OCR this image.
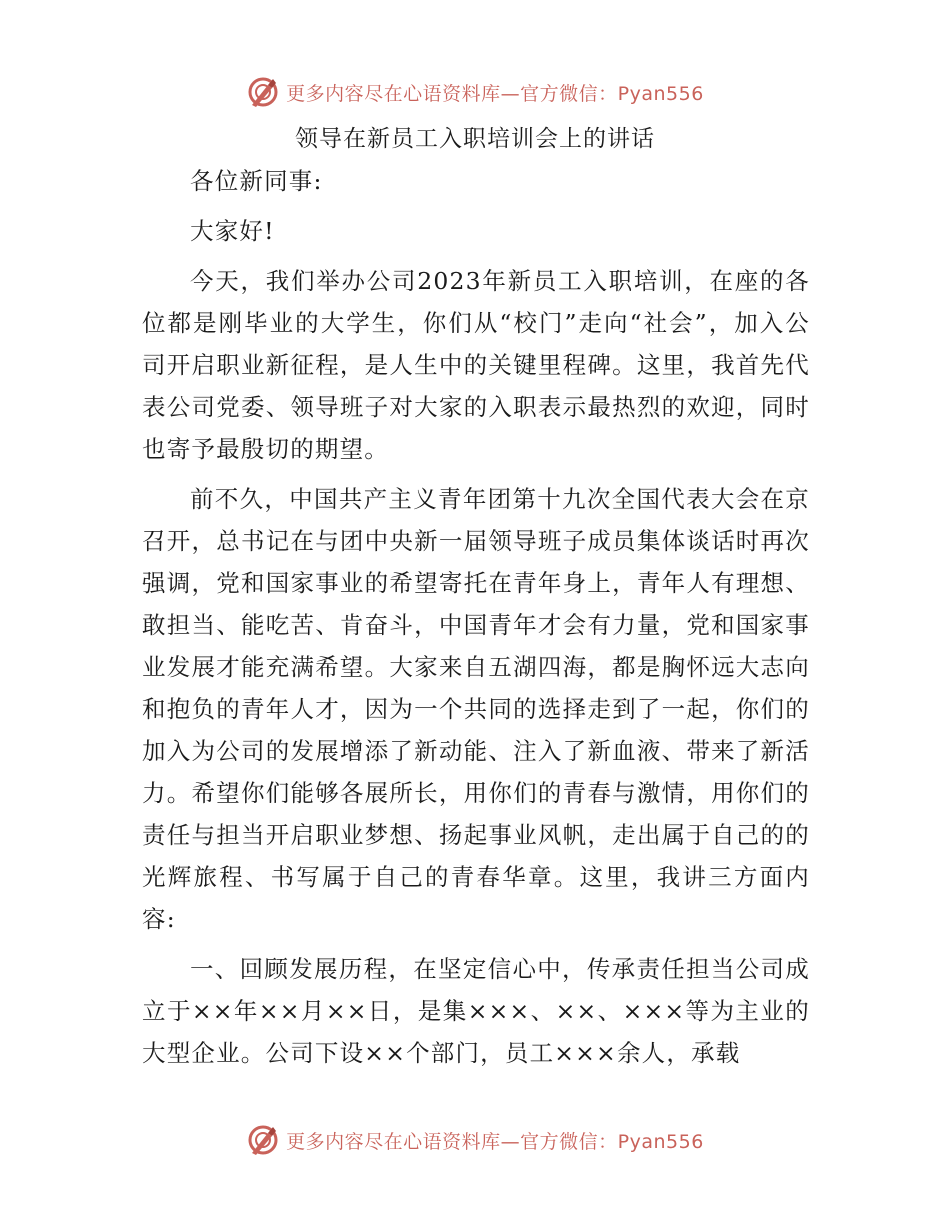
更多内容尽在心语资料库—官方微信：Pyan556
领导在新员工入职培训会上的讲话

各位新同事:

大家好!

今天，我们举办公司2023年新员工入职培训，在座的各位都是刚毕业的大学生，你们从“校门”走向“社会”，加入公司开启职业新征程，是人生中的关键里程碑。这里，我首先代表公司党委、领导班子对大家的入职表示最热烈的欢迎，同时也寄予最殷切的期望。

前不久，中国共产主义青年团第十九次全国代表大会在京召开，总书记在与团中央新一届领导班子成员集体谈话时再次强调，党和国家事业的希望寄托在青年身上，青年人有理想、敢担当、能吃苦、肯奋斗，中国青年才会有力量，党和国家事业发展才能充满希望。大家来自五湖四海，都是胸怀远大志向和抱负的青年人才，因为一个共同的选择走到了一起，你们的加入为公司的发展增添了新动能、注入了新血液、带来了新活力。希望你们能够各展所长，用你们的青春与激情，用你们的责任与担当开启职业梦想、扬起事业风帆，走出属于自己的的光辉旅程、书写属于自己的青春华章。这里，我讲三方面内容:

一、回顾发展历程，在坚定信心中，传承责任担当公司成立于××年××月××日，是集×××、××、×××等为主业的大型企业。公司下设××个部门，员工×××余人，承载

更多内容尽在心语资料库—官方微信：Pyan556
